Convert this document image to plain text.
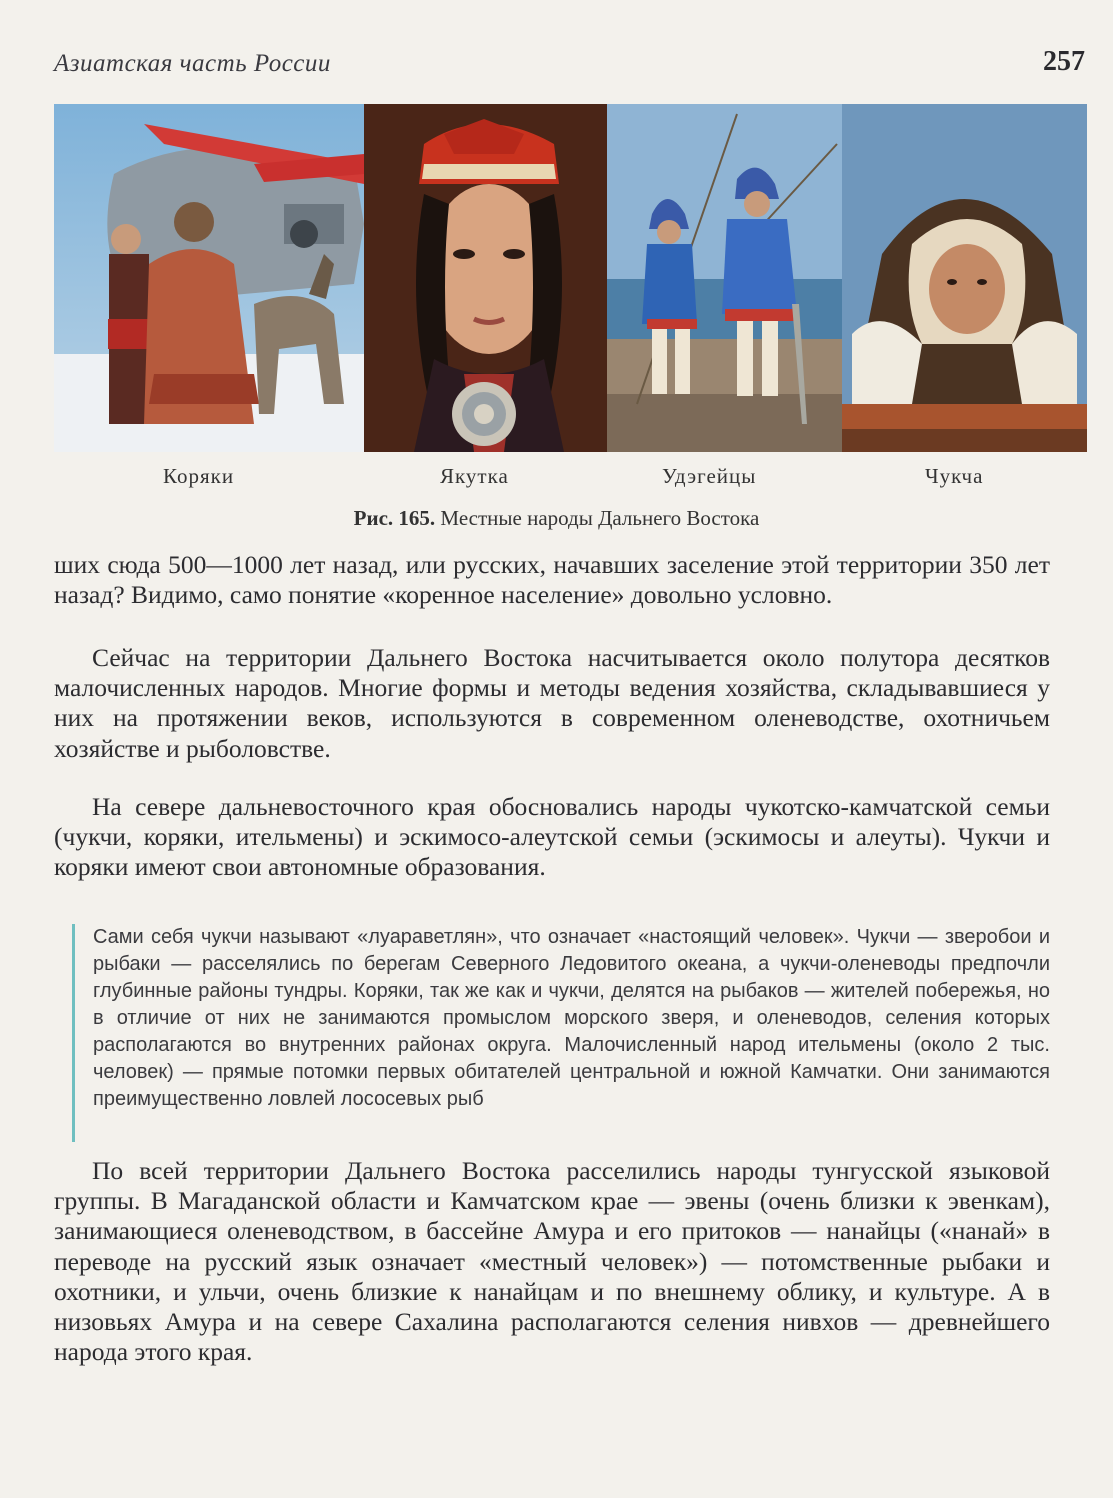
Азиатская часть России	257
Коряки	Якутка	Удэгейцы	Чукча
Рис. 165. Местные народы Дальнего Востока

ших сюда 500—1000 лет назад, или русских, начавших заселение этой территории 350 лет назад? Видимо, само понятие «коренное население» довольно условно.

Сейчас на территории Дальнего Востока насчитывается около полутора десятков малочисленных народов. Многие формы и методы ведения хозяйства, складывавшиеся у них на протяжении веков, используются в современном оленеводстве, охотничьем хозяйстве и рыболовстве.

На севере дальневосточного края обосновались народы чукотско-камчатской семьи (чукчи, коряки, ительмены) и эскимосо-алеутской семьи (эскимосы и алеуты). Чукчи и коряки имеют свои автономные образования.

Сами себя чукчи называют «луараветлян», что означает «настоящий человек». Чукчи — зверобои и рыбаки — расселялись по берегам Северного Ледовитого океана, а чукчи-оленеводы предпочли глубинные районы тундры. Коряки, так же как и чукчи, делятся на рыбаков — жителей побережья, но в отличие от них не занимаются промыслом морского зверя, и оленеводов, селения которых располагаются во внутренних районах округа. Малочисленный народ ительмены (около 2 тыс. человек) — прямые потомки первых обитателей центральной и южной Камчатки. Они занимаются преимущественно ловлей лососевых рыб

По всей территории Дальнего Востока расселились народы тунгусской языковой группы. В Магаданской области и Камчатском крае — эвены (очень близки к эвенкам), занимающиеся оленеводством, в бассейне Амура и его притоков — нанайцы («нанай» в переводе на русский язык означает «местный человек») — потомственные рыбаки и охотники, и ульчи, очень близкие к нанайцам и по внешнему облику, и культуре. А в низовьях Амура и на севере Сахалина располагаются селения нивхов — древнейшего народа этого края.
